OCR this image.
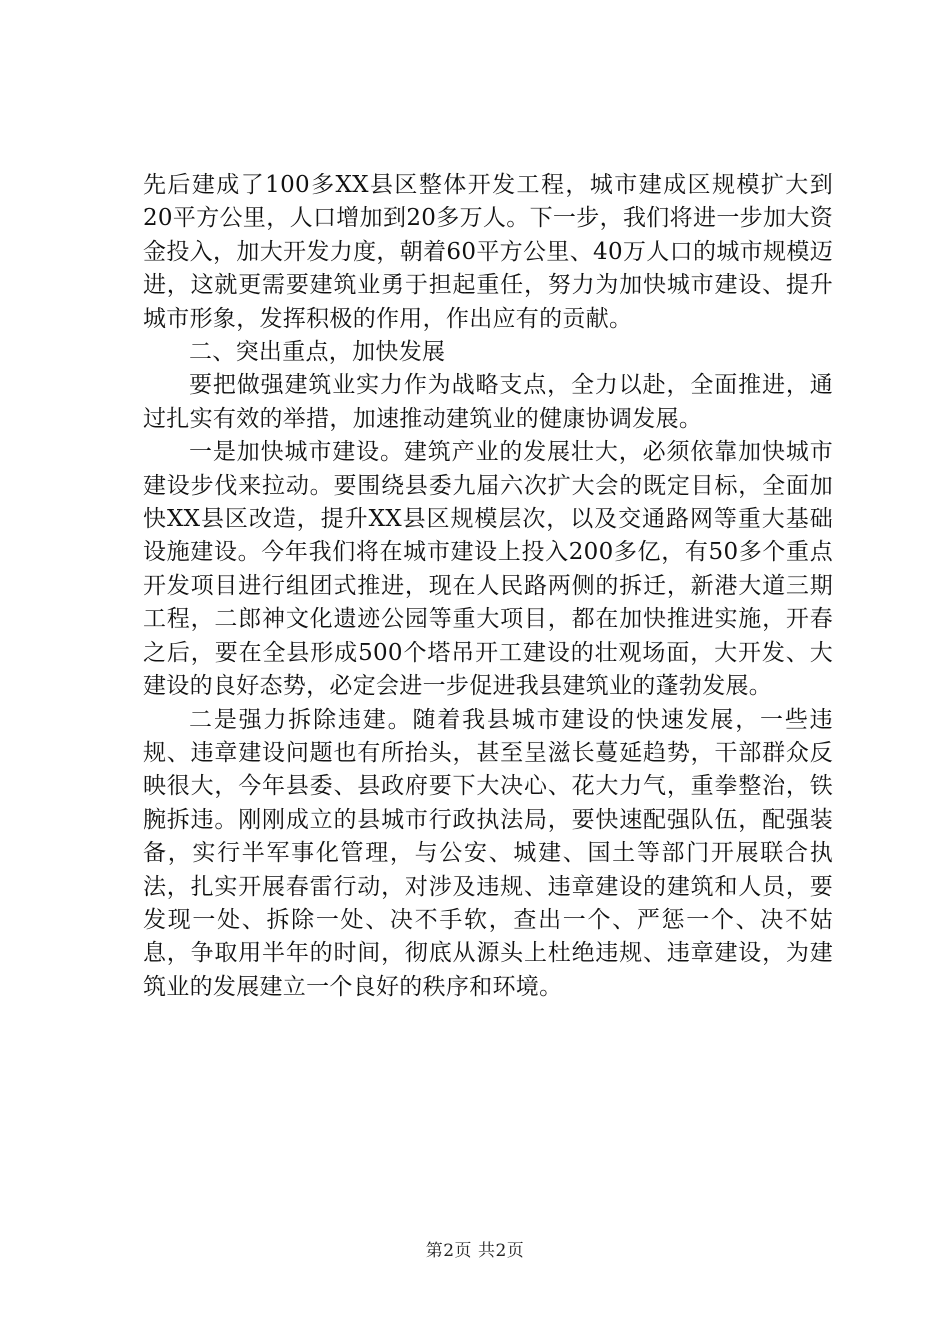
先后建成了100多XX县区整体开发工程，城市建成区规模扩大到20平方公里，人口增加到20多万人。下一步，我们将进一步加大资金投入，加大开发力度，朝着60平方公里、40万人口的城市规模迈进，这就更需要建筑业勇于担起重任，努力为加快城市建设、提升城市形象，发挥积极的作用，作出应有的贡献。

二、突出重点，加快发展

要把做强建筑业实力作为战略支点，全力以赴，全面推进，通过扎实有效的举措，加速推动建筑业的健康协调发展。

一是加快城市建设。建筑产业的发展壮大，必须依靠加快城市建设步伐来拉动。要围绕县委九届六次扩大会的既定目标，全面加快XX县区改造，提升XX县区规模层次，以及交通路网等重大基础设施建设。今年我们将在城市建设上投入200多亿，有50多个重点开发项目进行组团式推进，现在人民路两侧的拆迁，新港大道三期工程，二郎神文化遗迹公园等重大项目，都在加快推进实施，开春之后，要在全县形成500个塔吊开工建设的壮观场面，大开发、大建设的良好态势，必定会进一步促进我县建筑业的蓬勃发展。

二是强力拆除违建。随着我县城市建设的快速发展，一些违规、违章建设问题也有所抬头，甚至呈滋长蔓延趋势，干部群众反映很大，今年县委、县政府要下大决心、花大力气，重拳整治，铁腕拆违。刚刚成立的县城市行政执法局，要快速配强队伍，配强装备，实行半军事化管理，与公安、城建、国土等部门开展联合执法，扎实开展春雷行动，对涉及违规、违章建设的建筑和人员，要发现一处、拆除一处、决不手软，查出一个、严惩一个、决不姑息，争取用半年的时间，彻底从源头上杜绝违规、违章建设，为建筑业的发展建立一个良好的秩序和环境。

第2页 共2页
